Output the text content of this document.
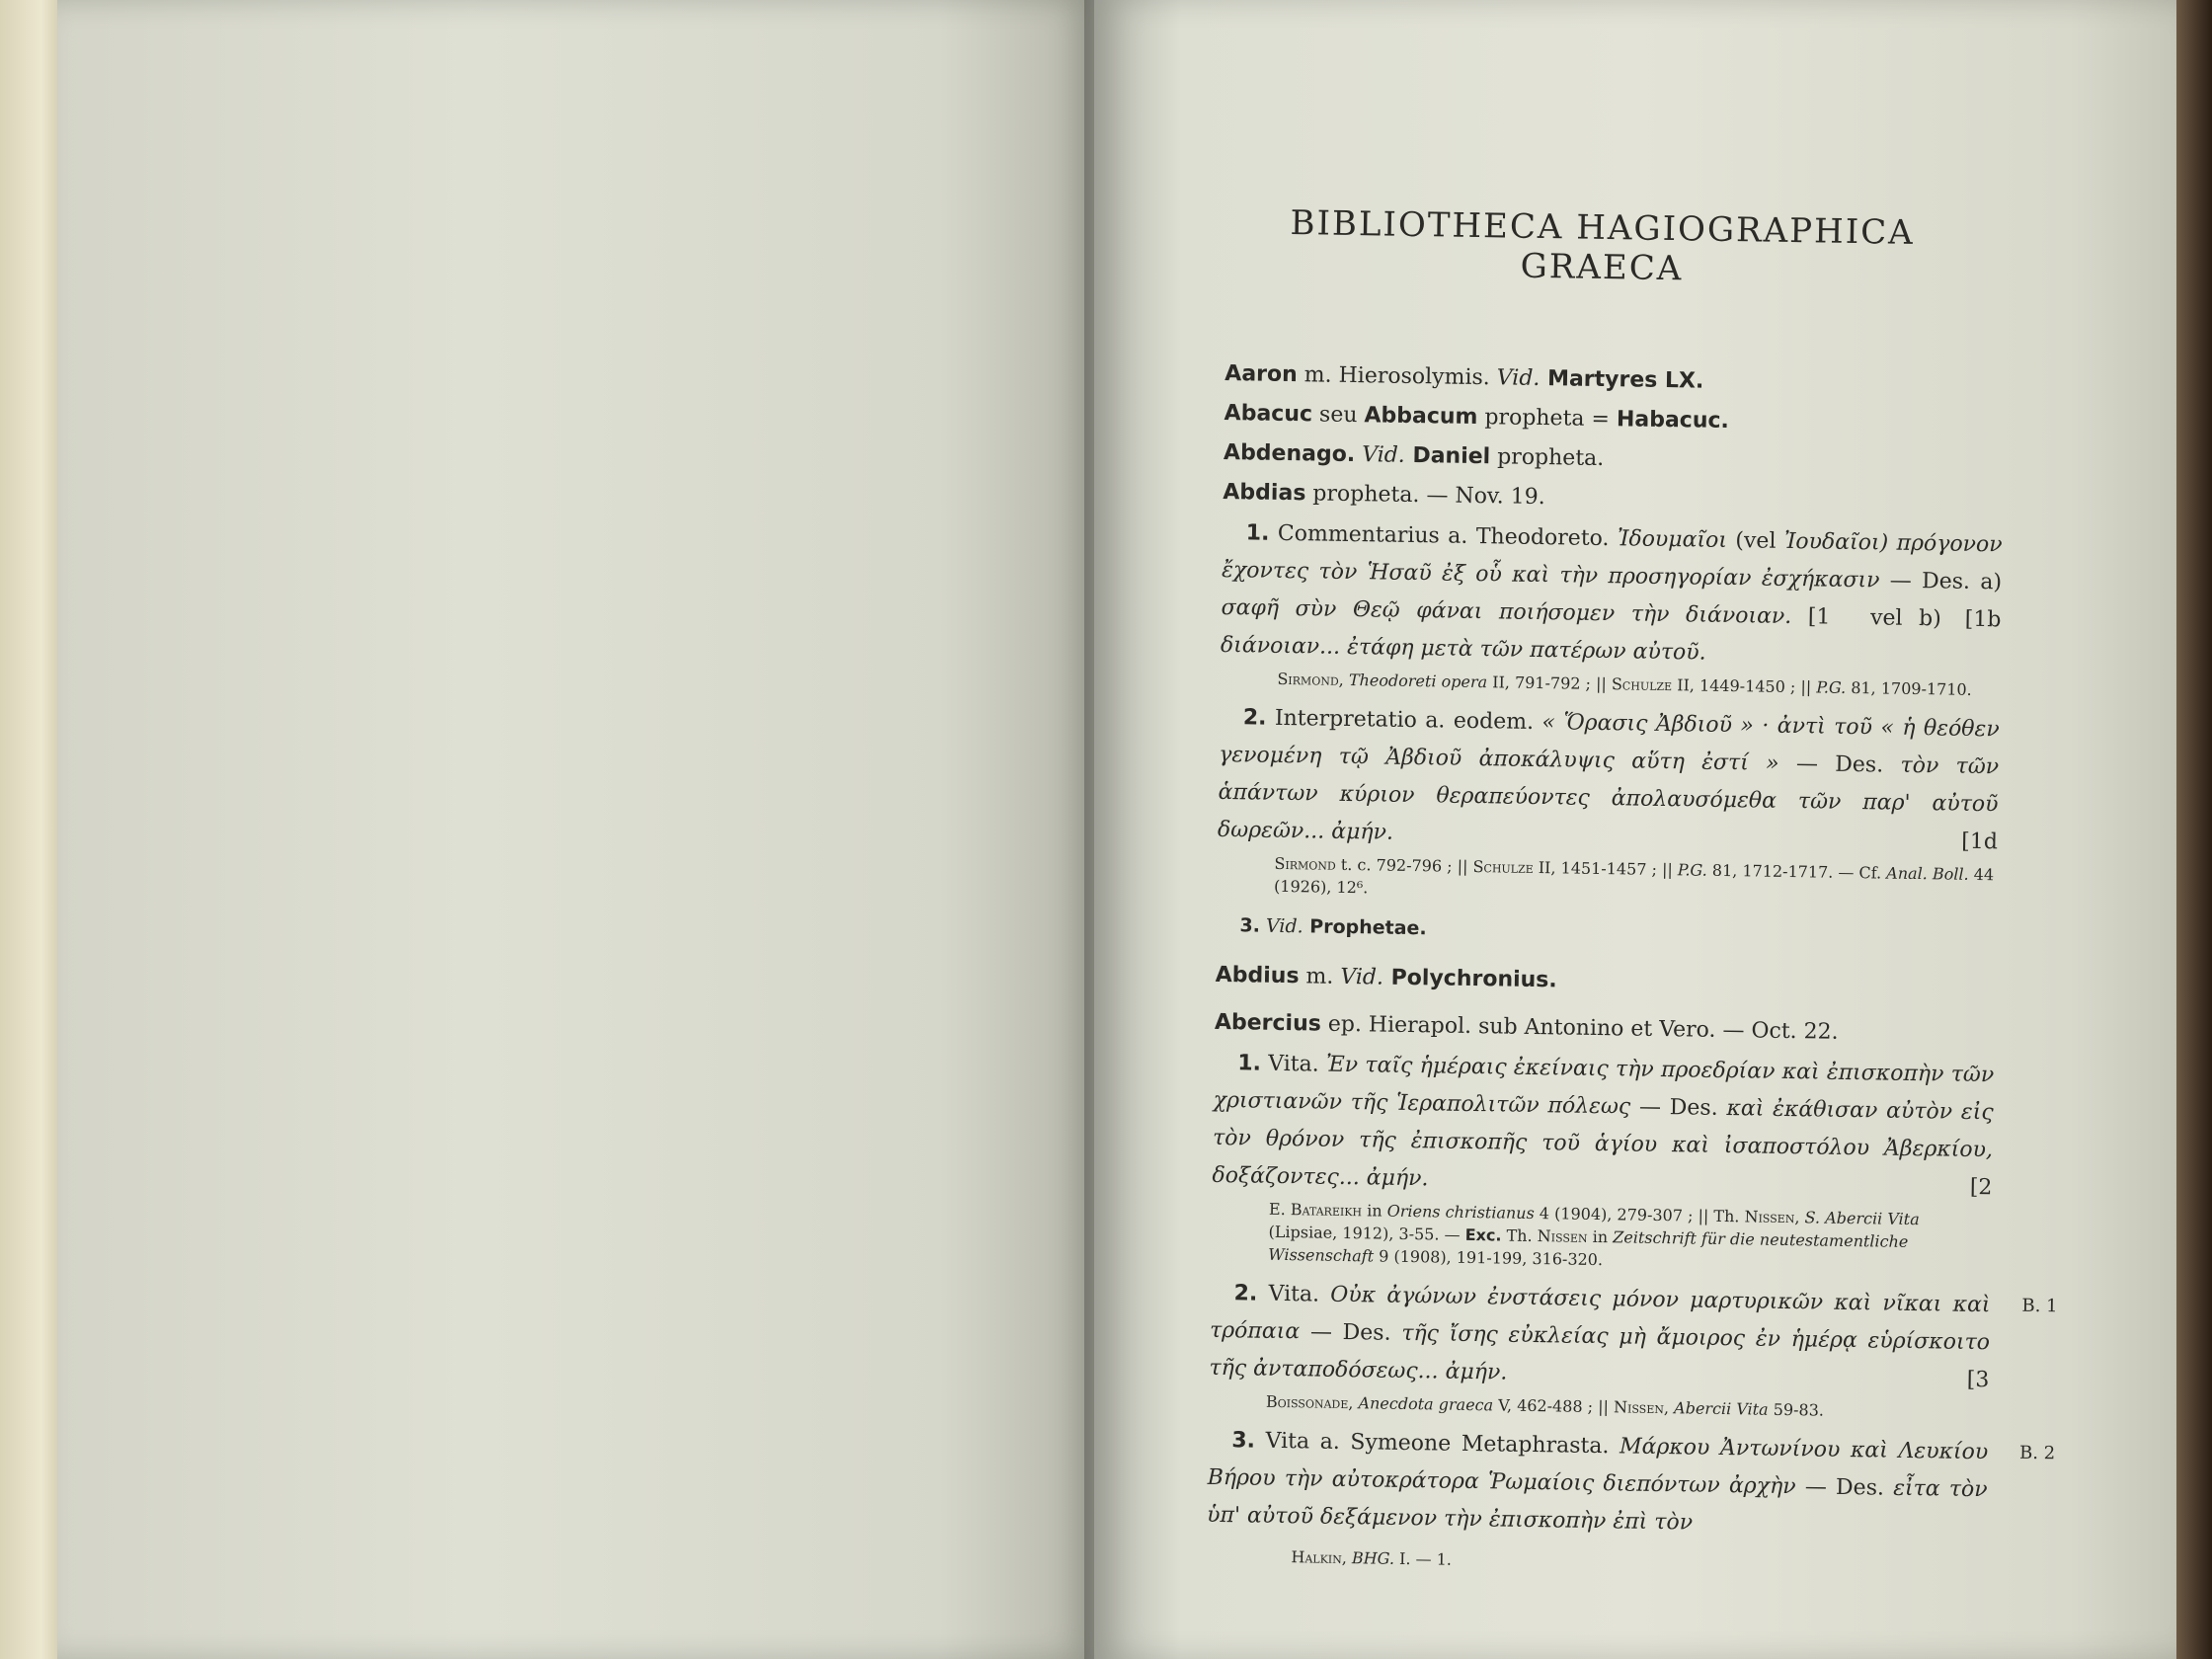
BIBLIOTHECA HAGIOGRAPHICA GRAECA

Aaron m. Hierosolymis. Vid. Martyres LX.

Abacuc seu Abbacum propheta = Habacuc.

Abdenago. Vid. Daniel propheta.

Abdias propheta. — Nov. 19.

1. Commentarius a. Theodoreto. Ἰδουμαῖοι (vel Ἰουδαῖοι) πρόγονον ἔχοντες τὸν Ἡσαῦ ἐξ οὗ καὶ τὴν προσηγορίαν ἐσχήκασιν — Des. a) σαφῆ σὺν Θεῷ φάναι ποιήσομεν τὴν διάνοιαν. [1	[1b
vel b) διάνοιαν... ἐτάφη μετὰ τῶν πατέρων αὐτοῦ.

Sirmond, Theodoreti opera II, 791-792 ; || Schulze II, 1449-1450 ; || P.G. 81, 1709-1710.

2. Interpretatio a. eodem. « Ὅρασις Ἀβδιοῦ » · ἀντὶ τοῦ « ἡ θεόθεν γενομένη τῷ Ἀβδιοῦ ἀποκάλυψις αὕτη ἐστί » — Des. τὸν τῶν ἁπάντων κύριον θεραπεύοντες ἀπολαυσόμεθα τῶν παρ' αὐτοῦ δωρεῶν... ἀμήν.	[1d

Sirmond t. c. 792-796 ; || Schulze II, 1451-1457 ; || P.G. 81, 1712-1717. — Cf. Anal. Boll. 44 (1926), 12⁶.

3. Vid. Prophetae.

Abdius m. Vid. Polychronius.

Abercius ep. Hierapol. sub Antonino et Vero. — Oct. 22.

1. Vita. Ἐν ταῖς ἡμέραις ἐκείναις τὴν προεδρίαν καὶ ἐπισκοπὴν τῶν χριστιανῶν τῆς Ἱεραπολιτῶν πόλεως — Des. καὶ ἐκάθισαν αὐτὸν εἰς τὸν θρόνον τῆς ἐπισκοπῆς τοῦ ἁγίου καὶ ἰσαποστόλου Ἀβερκίου, δοξάζοντες... ἀμήν.	[2

E. Batareikh in Oriens christianus 4 (1904), 279-307 ; || Th. Nissen, S. Abercii Vita (Lipsiae, 1912), 3-55. — Exc. Th. Nissen in Zeitschrift für die neutestamentliche Wissenschaft 9 (1908), 191-199, 316-320.

B. 1
2. Vita. Οὐκ ἀγώνων ἐνστάσεις μόνον μαρτυρικῶν καὶ νῖκαι καὶ τρόπαια — Des. τῆς ἴσης εὐκλείας μὴ ἄμοιρος ἐν ἡμέρᾳ εὑρίσκοιτο τῆς ἀνταποδόσεως... ἀμήν.	[3

Boissonade, Anecdota graeca V, 462-488 ; || Nissen, Abercii Vita 59-83.

B. 2
3. Vita a. Symeone Metaphrasta. Μάρκου Ἀντωνίνου καὶ Λευκίου Βήρου τὴν αὐτοκράτορα Ῥωμαίοις διεπόντων ἀρχὴν — Des. εἶτα τὸν ὑπ' αὐτοῦ δεξάμενον τὴν ἐπισκοπὴν ἐπὶ τὸν

Halkin, BHG. I. — 1.
